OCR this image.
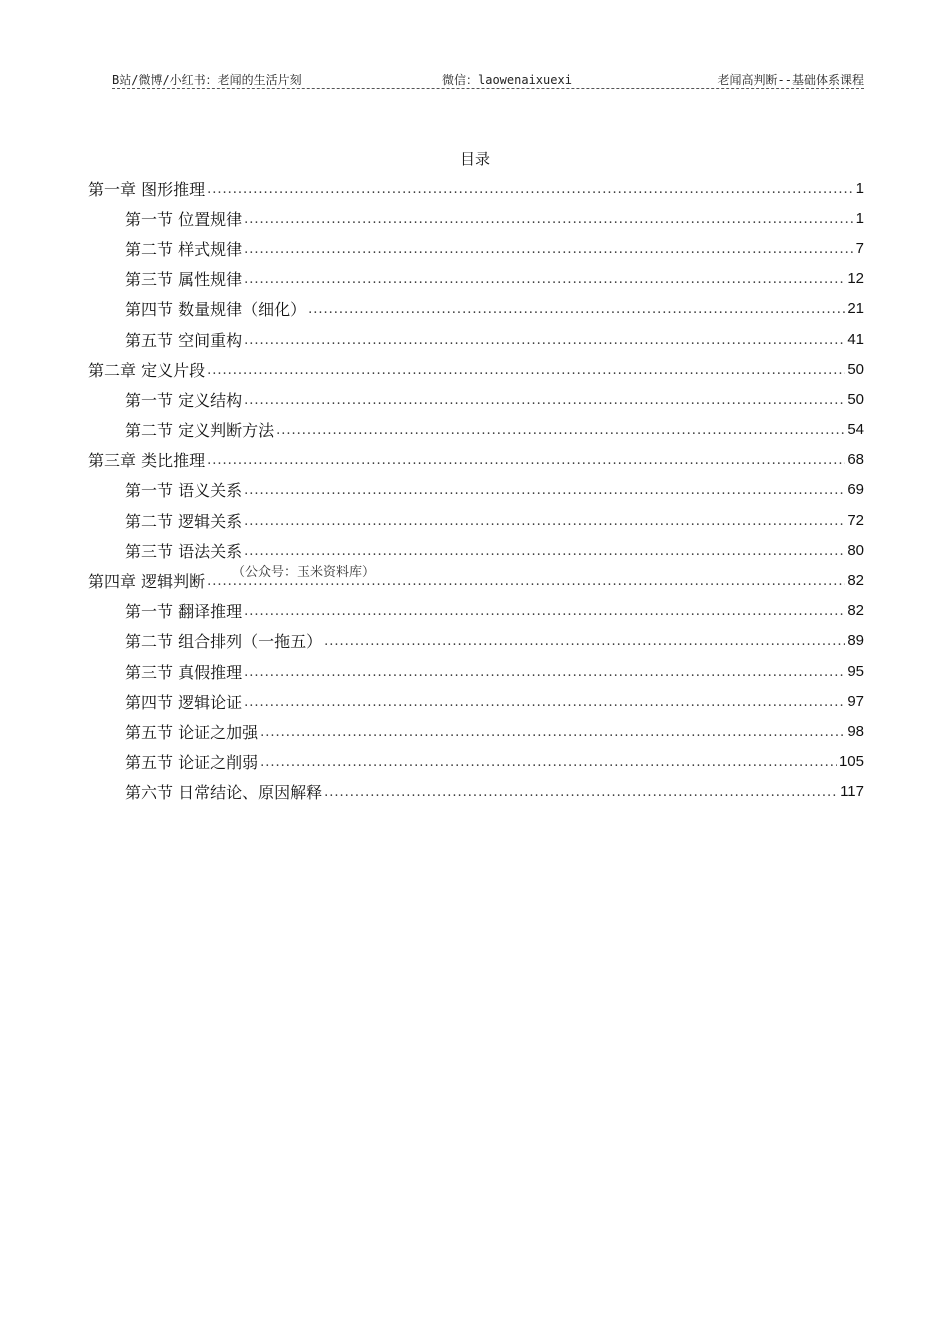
B站/微博/小红书：老闻的生活片刻	微信：laowenaixuexi	老闻高判断--基础体系课程
目录
第一章 图形推理 .....	1
第一节 位置规律 .....	1
第二节 样式规律 .....	7
第三节 属性规律 .....	12
第四节 数量规律（细化） .....	21
第五节 空间重构 .....	41
第二章 定义片段 .....	50
第一节 定义结构 .....	50
第二节 定义判断方法 .....	54
第三章 类比推理 .....	68
第一节 语义关系 .....	69
第二节 逻辑关系 .....	72
第三节 语法关系 .....	80
第四章 逻辑判断 .....	82
第一节 翻译推理 .....	82
第二节 组合排列（一拖五） .....	89
第三节 真假推理 .....	95
第四节 逻辑论证 .....	97
第五节 论证之加强 .....	98
第五节 论证之削弱 .....	105
第六节 日常结论、原因解释 .....	117
（公众号：玉米资料库）
